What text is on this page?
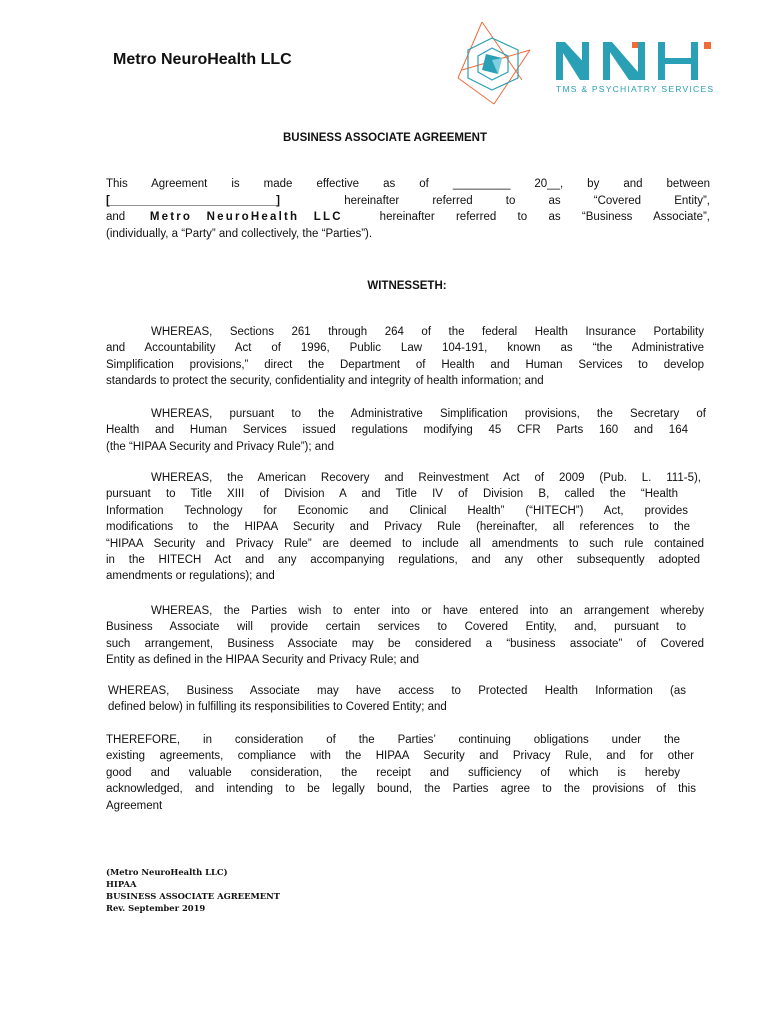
Metro NeuroHealth LLC
TMS & PSYCHIATRY SERVICES
BUSINESS ASSOCIATE AGREEMENT
This Agreement is made effective as of _________ 20__, by and between
[__________________________]	hereinafter referred to as “Covered Entity”,
and Metro NeuroHealth LLC	hereinafter referred to as “Business Associate”,
(individually, a “Party” and collectively, the “Parties”).
WITNESSETH:
WHEREAS, Sections 261 through 264 of the federal Health Insurance Portability
and Accountability Act of 1996, Public Law 104-191, known as “the Administrative
Simplification provisions,” direct the Department of Health and Human Services to develop
standards to protect the security, confidentiality and integrity of health information; and
WHEREAS, pursuant to the Administrative Simplification provisions, the Secretary of
Health and Human Services issued regulations modifying 45 CFR Parts 160 and 164
(the “HIPAA Security and Privacy Rule”); and
WHEREAS, the American Recovery and Reinvestment Act of 2009 (Pub. L. 111-5),
pursuant to Title XIII of Division A and Title IV of Division B, called the “Health
Information Technology for Economic and Clinical Health” (“HITECH”) Act, provides
modifications to the HIPAA Security and Privacy Rule (hereinafter, all references to the
“HIPAA Security and Privacy Rule” are deemed to include all amendments to such rule contained
in the HITECH Act and any accompanying regulations, and any other subsequently adopted
amendments or regulations); and
WHEREAS, the Parties wish to enter into or have entered into an arrangement whereby
Business Associate will provide certain services to Covered Entity, and, pursuant to
such arrangement, Business Associate may be considered a “business associate” of Covered
Entity as defined in the HIPAA Security and Privacy Rule; and
WHEREAS, Business Associate may have access to Protected Health Information (as
defined below) in fulfilling its responsibilities to Covered Entity; and
THEREFORE, in consideration of the Parties’ continuing obligations under the
existing agreements, compliance with the HIPAA Security and Privacy Rule, and for other
good and valuable consideration, the receipt and sufficiency of which is hereby
acknowledged, and intending to be legally bound, the Parties agree to the provisions of this
Agreement
(Metro NeuroHealth LLC)
HIPAA
BUSINESS ASSOCIATE AGREEMENT
Rev. September 2019
